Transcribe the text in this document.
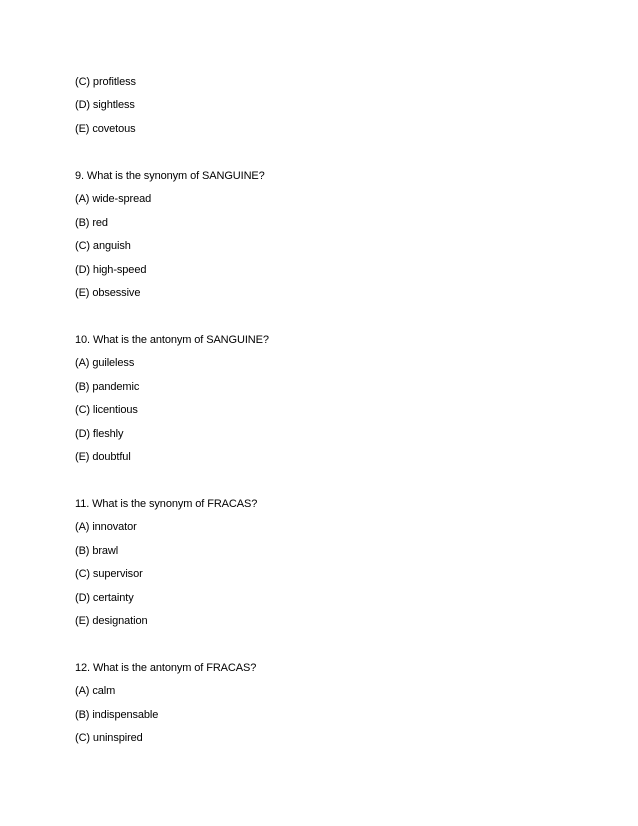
(C) profitless
(D) sightless
(E) covetous
9. What is the synonym of SANGUINE?
(A) wide-spread
(B) red
(C) anguish
(D) high-speed
(E) obsessive
10. What is the antonym of SANGUINE?
(A) guileless
(B) pandemic
(C) licentious
(D) fleshly
(E) doubtful
11. What is the synonym of FRACAS?
(A) innovator
(B) brawl
(C) supervisor
(D) certainty
(E) designation
12. What is the antonym of FRACAS?
(A) calm
(B) indispensable
(C) uninspired
